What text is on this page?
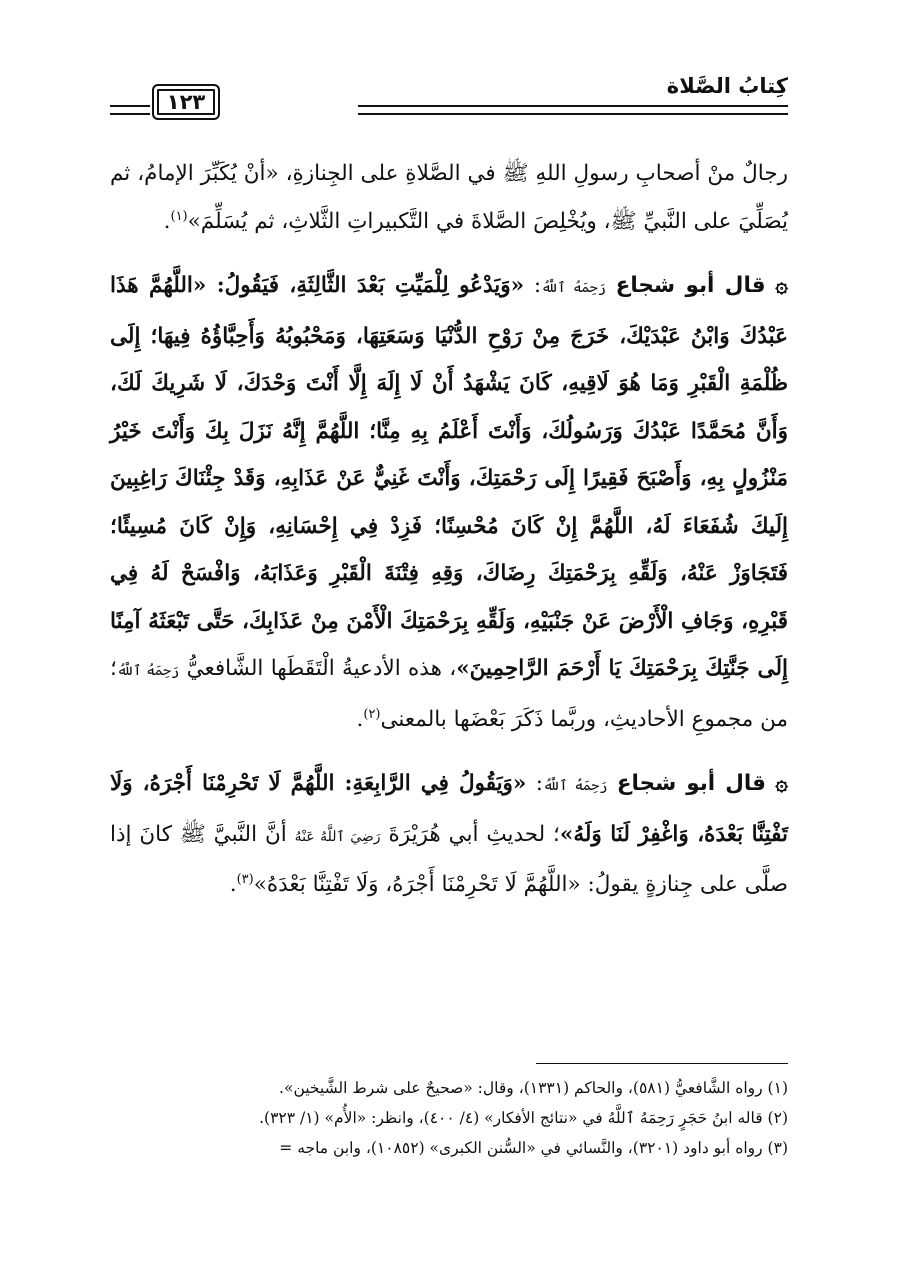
كِتابُ الصَّلاة
١٢٣

رجالٌ منْ أصحابِ رسولِ اللهِ ﷺ في الصَّلاةِ على الجِنازةِ، «أنْ يُكَبِّرَ الإمامُ، ثم يُصَلِّيَ على النَّبيِّ ﷺ، ويُخْلِصَ الصَّلاةَ في التَّكبيراتِ الثَّلاثِ، ثم يُسَلِّمَ»$^{(١)}$.

۞ قال أبو شجاع رَحِمَهُ ٱللَّهُ: «وَيَدْعُو لِلْمَيِّتِ بَعْدَ الثَّالِثَةِ، فَيَقُولُ: «اللَّهُمَّ هَذَا عَبْدُكَ وَابْنُ عَبْدَيْكَ، خَرَجَ مِنْ رَوْحِ الدُّنْيَا وَسَعَتِهَا، وَمَحْبُوبُهُ وَأَحِبَّاؤُهُ فِيهَا؛ إِلَى ظُلْمَةِ الْقَبْرِ وَمَا هُوَ لَاقِيهِ، كَانَ يَشْهَدُ أَنْ لَا إِلَهَ إِلَّا أَنْتَ وَحْدَكَ، لَا شَرِيكَ لَكَ، وَأَنَّ مُحَمَّدًا عَبْدُكَ وَرَسُولُكَ، وَأَنْتَ أَعْلَمُ بِهِ مِنَّا؛ اللَّهُمَّ إِنَّهُ نَزَلَ بِكَ وَأَنْتَ خَيْرُ مَنْزُولٍ بِهِ، وَأَصْبَحَ فَقِيرًا إِلَى رَحْمَتِكَ، وَأَنْتَ غَنِيٌّ عَنْ عَذَابِهِ، وَقَدْ جِئْنَاكَ رَاغِبِينَ إِلَيكَ شُفَعَاءَ لَهُ، اللَّهُمَّ إِنْ كَانَ مُحْسِنًا؛ فَزِدْ فِي إِحْسَانِهِ، وَإِنْ كَانَ مُسِيئًا؛ فَتَجَاوَزْ عَنْهُ، وَلَقِّهِ بِرَحْمَتِكَ رِضَاكَ، وَقِهِ فِتْنَةَ الْقَبْرِ وَعَذَابَهُ، وَافْسَحْ لَهُ فِي قَبْرِهِ، وَجَافِ الْأَرْضَ عَنْ جَنْبَيْهِ، وَلَقِّهِ بِرَحْمَتِكَ الْأَمْنَ مِنْ عَذَابِكَ، حَتَّى تَبْعَثَهُ آمِنًا إِلَى جَنَّتِكَ بِرَحْمَتِكَ يَا أَرْحَمَ الرَّاحِمِينَ»، هذه الأدعيةُ الْتَقَطَها الشَّافعيُّ رَحِمَهُ ٱللَّهُ؛ من مجموعِ الأحاديثِ، وربَّما ذَكَرَ بَعْضَها بالمعنى$^{(٢)}$.

۞ قال أبو شجاع رَحِمَهُ ٱللَّهُ: «وَيَقُولُ فِي الرَّابِعَةِ: اللَّهُمَّ لَا تَحْرِمْنَا أَجْرَهُ، وَلَا تَفْتِنَّا بَعْدَهُ، وَاغْفِرْ لَنَا وَلَهُ»؛ لحديثِ أبي هُرَيْرَةَ رَضِيَ ٱللَّهُ عَنْهُ أنَّ النَّبيَّ ﷺ كانَ إذا صلَّى على جِنازةٍ يقولُ: «اللَّهُمَّ لَا تَحْرِمْنَا أَجْرَهُ، وَلَا تَفْتِنَّا بَعْدَهُ»$^{(٣)}$.

(١) رواه الشَّافعيُّ (٥٨١)، والحاكم (١٣٣١)، وقال: «صحيحٌ على شرط الشَّيخين».

(٢) قاله ابنُ حَجَرٍ رَحِمَهُ ٱللَّهُ في «نتائج الأفكار» (٤/ ٤٠٠)، وانظر: «الأُم» (١/ ٣٢٣).

(٣) رواه أبو داود (٣٢٠١)، والنَّسائي في «السُّنن الكبرى» (١٠٨٥٢)، وابن ماجه =
